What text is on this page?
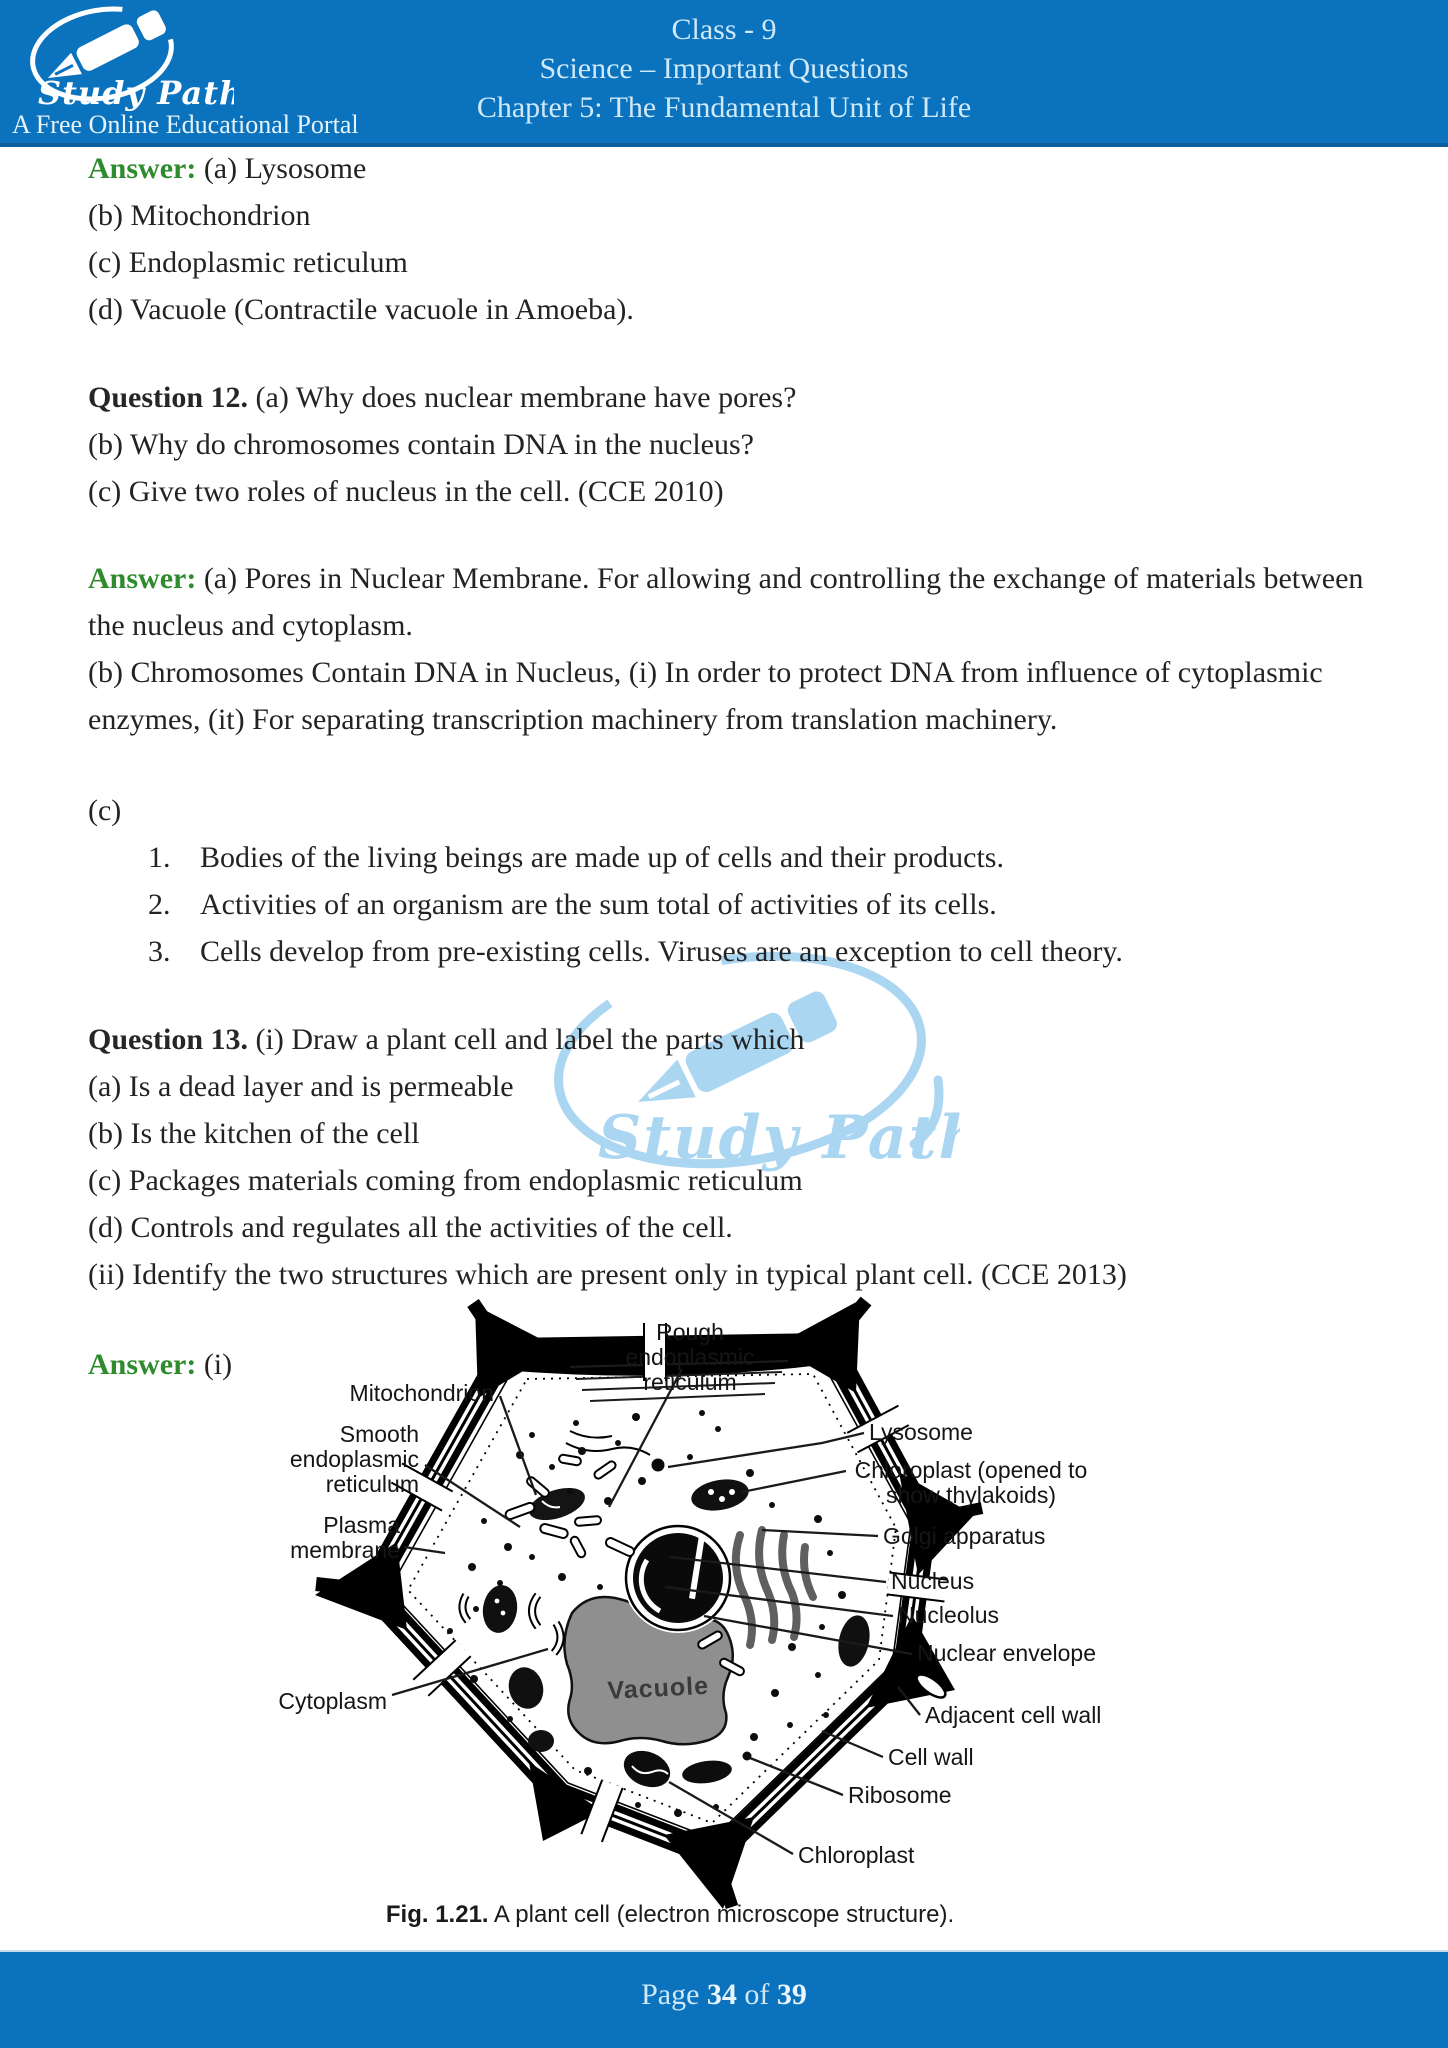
Study Path
A Free Online Educational Portal
Class - 9
Science – Important Questions
Chapter 5: The Fundamental Unit of Life
Study Path
Answer: (a) Lysosome
(b) Mitochondrion
(c) Endoplasmic reticulum
(d) Vacuole (Contractile vacuole in Amoeba).
Question 12. (a) Why does nuclear membrane have pores?
(b) Why do chromosomes contain DNA in the nucleus?
(c) Give two roles of nucleus in the cell. (CCE 2010)
Answer: (a) Pores in Nuclear Membrane. For allowing and controlling the exchange of materials between the nucleus and cytoplasm.
(b) Chromosomes Contain DNA in Nucleus, (i) In order to protect DNA from influence of cytoplasmic enzymes, (it) For separating transcription machinery from translation machinery.
(c)
1. Bodies of the living beings are made up of cells and their products.
2. Activities of an organism are the sum total of activities of its cells.
3. Cells develop from pre-existing cells. Viruses are an exception to cell theory.
Question 13. (i) Draw a plant cell and label the parts which
(a) Is a dead layer and is permeable
(b) Is the kitchen of the cell
(c) Packages materials coming from endoplasmic reticulum
(d) Controls and regulates all the activities of the cell.
(ii) Identify the two structures which are present only in typical plant cell. (CCE 2013)
Answer: (i)
Vacuole
Rough endoplasmic
reticulum
Mitochondrion
Smooth
endoplasmic
reticulum
Plasma
membrane
Cytoplasm
Lysosome
Chloroplast (opened to
show thylakoids)
Golgi apparatus
Nucleus
Nucleolus
Nuclear envelope
Adjacent cell wall
Cell wall
Ribosome
Chloroplast
Fig. 1.21. A plant cell (electron microscope structure).
Page 34 of 39
